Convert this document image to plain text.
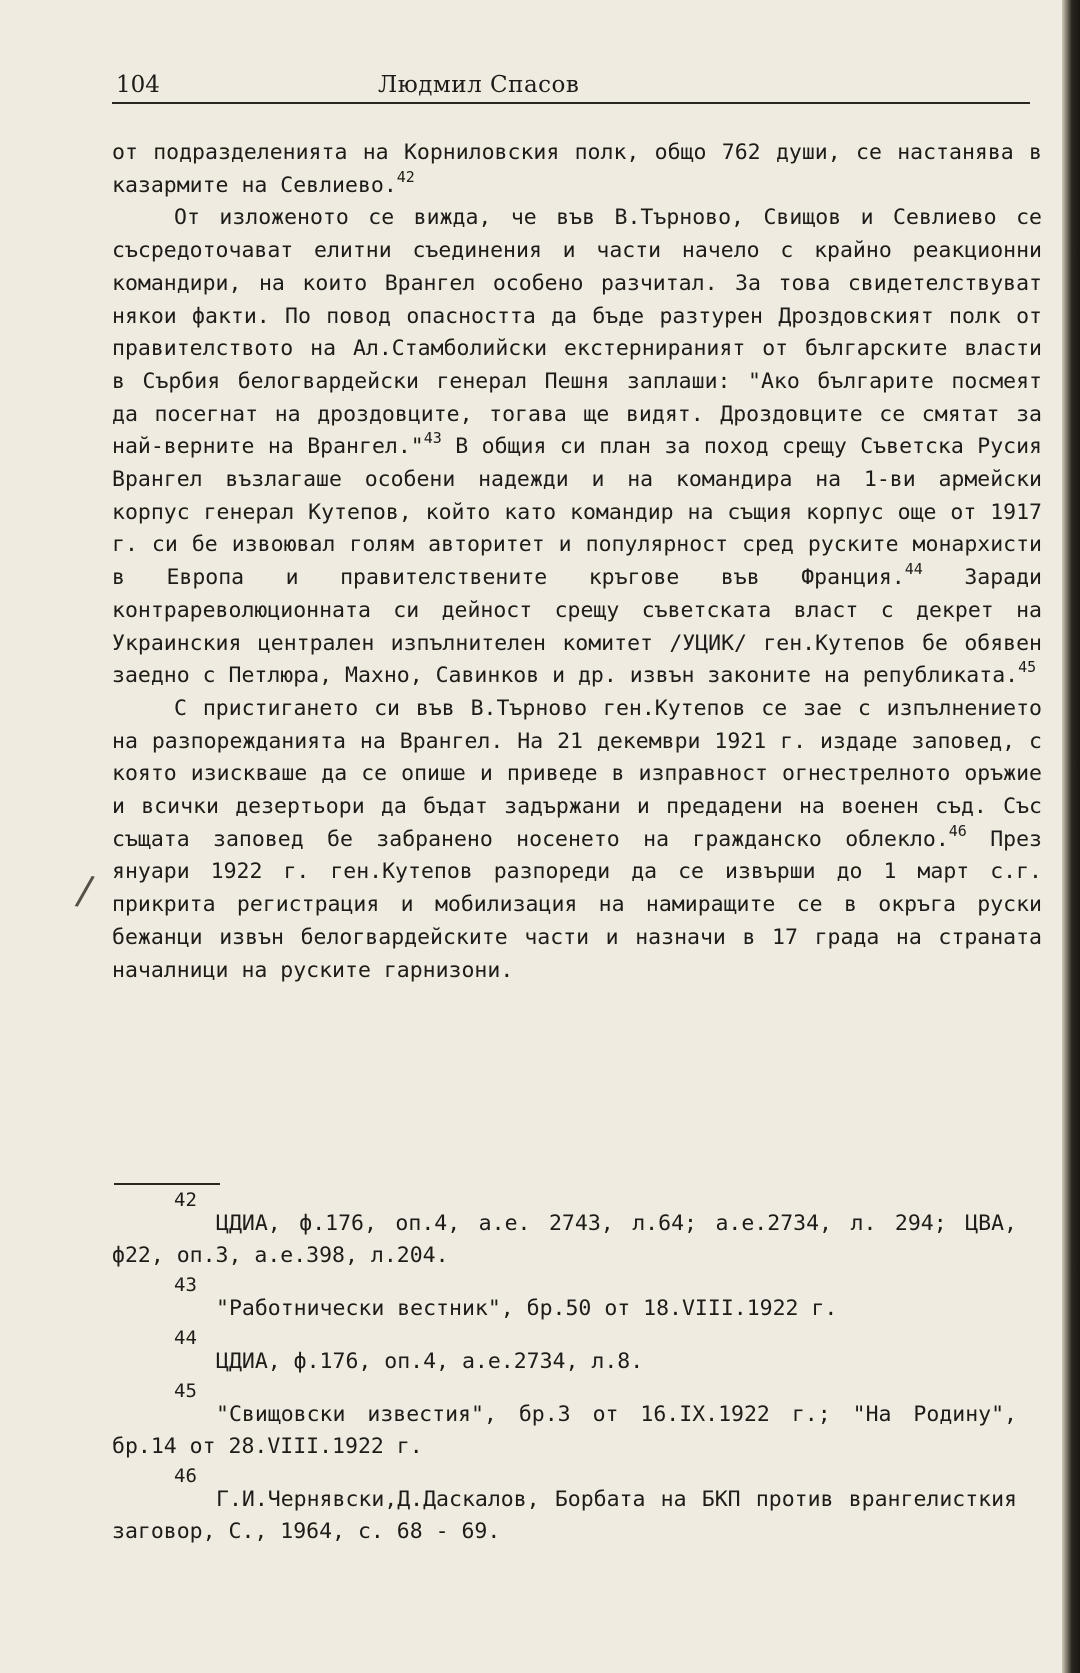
104	Людмил Спасов
/

от подразделенията на Корниловския полк, общо 762 души, се настанява в казармите на Севлиево.$^{42}$

От изложеното се вижда, че във В.Търново, Свищов и Севлиево се съсредоточават елитни съединения и части начело с крайно реакционни командири, на които Врангел особено разчитал. За това свидетелствуват някои факти. По повод опасността да бъде разтурен Дроздовският полк от правителството на Ал.Стамболийски екстернираният от българските власти в Сърбия белогвардейски генерал Пешня заплаши: "Ако българите посмеят да посегнат на дроздовците, тогава ще видят. Дроздовците се смятат за най-верните на Врангел."$^{43}$ В общия си план за поход срещу Съветска Русия Врангел възлагаше особени надежди и на командира на 1-ви армейски корпус генерал Кутепов, който като командир на същия корпус още от 1917 г. си бе извоювал голям авторитет и популярност сред руските монархисти в Европа и правителствените кръгове във Франция.$^{44}$ Заради контрареволюционната си дейност срещу съветската власт с декрет на Украинския централен изпълнителен комитет /УЦИК/ ген.Кутепов бе обявен заедно с Петлюра, Махно, Савинков и др. извън законите на републиката.$^{45}$

С пристигането си във В.Търново ген.Кутепов се зае с изпълнението на разпорежданията на Врангел. На 21 декември 1921 г. издаде заповед, с която изискваше да се опише и приведе в изправност огнестрелното оръжие и всички дезертьори да бъдат задържани и предадени на военен съд. Със същата заповед бе забранено носенето на гражданско облекло.$^{46}$ През януари 1922 г. ген.Кутепов разпореди да се извърши до 1 март с.г. прикрита регистрация и мобилизация на намиращите се в окръга руски бежанци извън белогвардейските части и назначи в 17 града на страната началници на руските гарнизони.

42
ЦДИА, ф.176, оп.4, а.е. 2743, л.64; а.е.2734, л. 294; ЦВА, ф22, оп.3, а.е.398, л.204.
43
"Работнически вестник", бр.50 от 18.VIII.1922 г.
44
ЦДИА, ф.176, оп.4, а.е.2734, л.8.
45
"Свищовски известия", бр.3 от 16.IX.1922 г.; "На Родину", бр.14 от 28.VIII.1922 г.
46
Г.И.Чернявски,Д.Даскалов, Борбата на БКП против врангелисткия заговор, С., 1964, с. 68 - 69.
